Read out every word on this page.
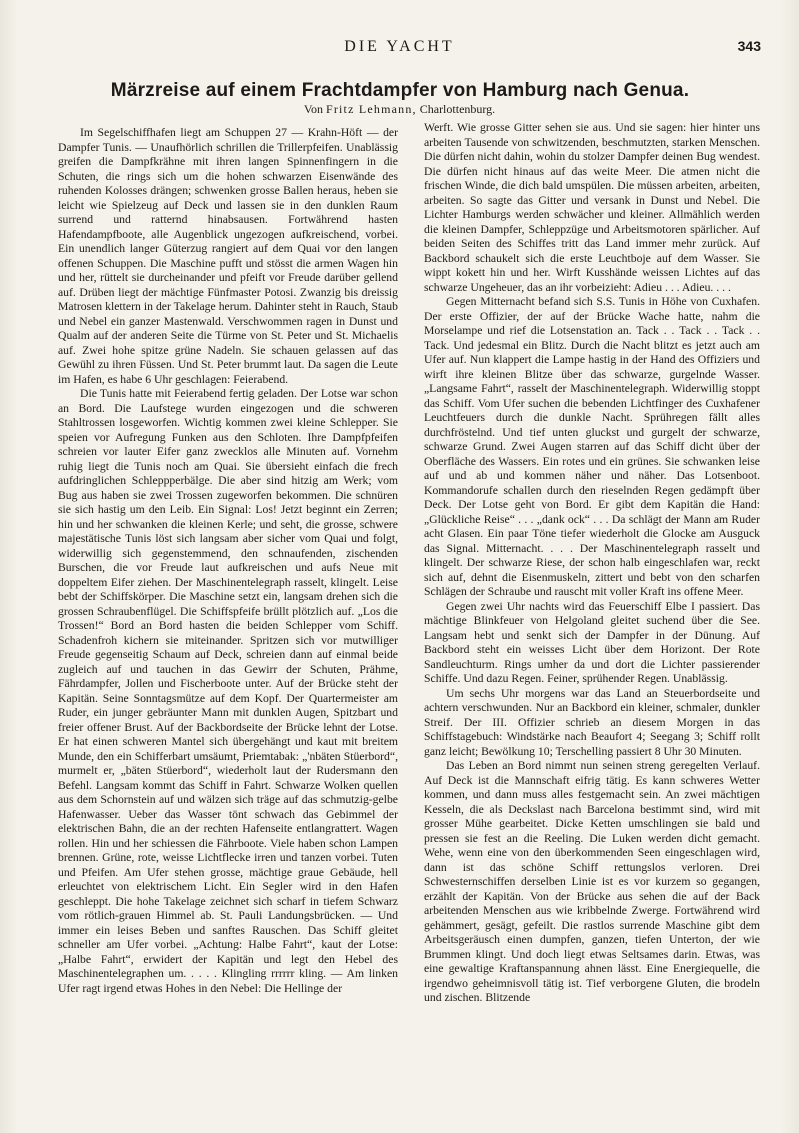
DIE YACHT	343
Märzreise auf einem Frachtdampfer von Hamburg nach Genua.
Von Fritz Lehmann, Charlottenburg.

Im Segelschiffhafen liegt am Schuppen 27 — Krahn-Höft — der Dampfer Tunis. — Unaufhörlich schrillen die Trillerpfeifen. Unablässig greifen die Dampfkrähne mit ihren langen Spinnenfingern in die Schuten, die rings sich um die hohen schwarzen Eisenwände des ruhenden Kolosses drängen; schwenken grosse Ballen heraus, heben sie leicht wie Spielzeug auf Deck und lassen sie in den dunklen Raum surrend und ratternd hinabsausen. Fortwährend hasten Hafendampfboote, alle Augenblick ungezogen aufkreischend, vorbei. Ein unendlich langer Güterzug rangiert auf dem Quai vor den langen offenen Schuppen. Die Maschine pufft und stösst die armen Wagen hin und her, rüttelt sie durcheinander und pfeift vor Freude darüber gellend auf. Drüben liegt der mächtige Fünfmaster Potosi. Zwanzig bis dreissig Matrosen klettern in der Takelage herum. Dahinter steht in Rauch, Staub und Nebel ein ganzer Mastenwald. Verschwommen ragen in Dunst und Qualm auf der anderen Seite die Türme von St. Peter und St. Michaelis auf. Zwei hohe spitze grüne Nadeln. Sie schauen gelassen auf das Gewühl zu ihren Füssen. Und St. Peter brummt laut. Da sagen die Leute im Hafen, es habe 6 Uhr geschlagen: Feierabend.

Die Tunis hatte mit Feierabend fertig geladen. Der Lotse war schon an Bord. Die Laufstege wurden eingezogen und die schweren Stahltrossen losgeworfen. Wichtig kommen zwei kleine Schlepper. Sie speien vor Aufregung Funken aus den Schloten. Ihre Dampfpfeifen schreien vor lauter Eifer ganz zwecklos alle Minuten auf. Vornehm ruhig liegt die Tunis noch am Quai. Sie übersieht einfach die frech aufdringlichen Schleppperbälge. Die aber sind hitzig am Werk; vom Bug aus haben sie zwei Trossen zugeworfen bekommen. Die schnüren sie sich hastig um den Leib. Ein Signal: Los! Jetzt beginnt ein Zerren; hin und her schwanken die kleinen Kerle; und seht, die grosse, schwere majestätische Tunis löst sich langsam aber sicher vom Quai und folgt, widerwillig sich gegenstemmend, den schnaufenden, zischenden Burschen, die vor Freude laut aufkreischen und aufs Neue mit doppeltem Eifer ziehen. Der Maschinentelegraph rasselt, klingelt. Leise bebt der Schiffskörper. Die Maschine setzt ein, langsam drehen sich die grossen Schraubenflügel. Die Schiffspfeife brüllt plötzlich auf. „Los die Trossen!“ Bord an Bord hasten die beiden Schlepper vom Schiff. Schadenfroh kichern sie miteinander. Spritzen sich vor mutwilliger Freude gegenseitig Schaum auf Deck, schreien dann auf einmal beide zugleich auf und tauchen in das Gewirr der Schuten, Prähme, Fährdampfer, Jollen und Fischerboote unter. Auf der Brücke steht der Kapitän. Seine Sonntagsmütze auf dem Kopf. Der Quartermeister am Ruder, ein junger gebräunter Mann mit dunklen Augen, Spitzbart und freier offener Brust. Auf der Backbordseite der Brücke lehnt der Lotse. Er hat einen schweren Mantel sich übergehängt und kaut mit breitem Munde, den ein Schifferbart umsäumt, Priemtabak: „'nbäten Stüerbord“, murmelt er, „bäten Stüerbord“, wiederholt laut der Rudersmann den Befehl. Langsam kommt das Schiff in Fahrt. Schwarze Wolken quellen aus dem Schornstein auf und wälzen sich träge auf das schmutzig-gelbe Hafenwasser. Ueber das Wasser tönt schwach das Gebimmel der elektrischen Bahn, die an der rechten Hafenseite entlangrattert. Wagen rollen. Hin und her schiessen die Fährboote. Viele haben schon Lampen brennen. Grüne, rote, weisse Lichtflecke irren und tanzen vorbei. Tuten und Pfeifen. Am Ufer stehen grosse, mächtige graue Gebäude, hell erleuchtet von elektrischem Licht. Ein Segler wird in den Hafen geschleppt. Die hohe Takelage zeichnet sich scharf in tiefem Schwarz vom rötlich-grauen Himmel ab. St. Pauli Landungsbrücken. — Und immer ein leises Beben und sanftes Rauschen. Das Schiff gleitet schneller am Ufer vorbei. „Achtung: Halbe Fahrt“, kaut der Lotse: „Halbe Fahrt“, erwidert der Kapitän und legt den Hebel des Maschinentelegraphen um. . . . . Klingling rrrrrr kling. — Am linken Ufer ragt irgend etwas Hohes in den Nebel: Die Hellinge der

Werft. Wie grosse Gitter sehen sie aus. Und sie sagen: hier hinter uns arbeiten Tausende von schwitzenden, beschmutzten, starken Menschen. Die dürfen nicht dahin, wohin du stolzer Dampfer deinen Bug wendest. Die dürfen nicht hinaus auf das weite Meer. Die atmen nicht die frischen Winde, die dich bald umspülen. Die müssen arbeiten, arbeiten, arbeiten. So sagte das Gitter und versank in Dunst und Nebel. Die Lichter Hamburgs werden schwächer und kleiner. Allmählich werden die kleinen Dampfer, Schleppzüge und Arbeitsmotoren spärlicher. Auf beiden Seiten des Schiffes tritt das Land immer mehr zurück. Auf Backbord schaukelt sich die erste Leuchtboje auf dem Wasser. Sie wippt kokett hin und her. Wirft Kusshände weissen Lichtes auf das schwarze Ungeheuer, das an ihr vorbeizieht: Adieu . . . Adieu. . . .

Gegen Mitternacht befand sich S.S. Tunis in Höhe von Cuxhafen. Der erste Offizier, der auf der Brücke Wache hatte, nahm die Morselampe und rief die Lotsenstation an. Tack . . Tack . . Tack . . Tack. Und jedesmal ein Blitz. Durch die Nacht blitzt es jetzt auch am Ufer auf. Nun klappert die Lampe hastig in der Hand des Offiziers und wirft ihre kleinen Blitze über das schwarze, gurgelnde Wasser. „Langsame Fahrt“, rasselt der Maschinentelegraph. Widerwillig stoppt das Schiff. Vom Ufer suchen die bebenden Lichtfinger des Cuxhafener Leuchtfeuers durch die dunkle Nacht. Sprühregen fällt alles durchfröstelnd. Und tief unten gluckst und gurgelt der schwarze, schwarze Grund. Zwei Augen starren auf das Schiff dicht über der Oberfläche des Wassers. Ein rotes und ein grünes. Sie schwanken leise auf und ab und kommen näher und näher. Das Lotsenboot. Kommandorufe schallen durch den rieselnden Regen gedämpft über Deck. Der Lotse geht von Bord. Er gibt dem Kapitän die Hand: „Glückliche Reise“ . . . „dank ock“ . . . Da schlägt der Mann am Ruder acht Glasen. Ein paar Töne tiefer wiederholt die Glocke am Ausguck das Signal. Mitternacht. . . . Der Maschinentelegraph rasselt und klingelt. Der schwarze Riese, der schon halb eingeschlafen war, reckt sich auf, dehnt die Eisenmuskeln, zittert und bebt von den scharfen Schlägen der Schraube und rauscht mit voller Kraft ins offene Meer.

Gegen zwei Uhr nachts wird das Feuerschiff Elbe I passiert. Das mächtige Blinkfeuer von Helgoland gleitet suchend über die See. Langsam hebt und senkt sich der Dampfer in der Dünung. Auf Backbord steht ein weisses Licht über dem Horizont. Der Rote Sandleuchturm. Rings umher da und dort die Lichter passierender Schiffe. Und dazu Regen. Feiner, sprühender Regen. Unablässig.

Um sechs Uhr morgens war das Land an Steuerbordseite und achtern verschwunden. Nur an Backbord ein kleiner, schmaler, dunkler Streif. Der III. Offizier schrieb an diesem Morgen in das Schiffstagebuch: Windstärke nach Beaufort 4; Seegang 3; Schiff rollt ganz leicht; Bewölkung 10; Terschelling passiert 8 Uhr 30 Minuten.

Das Leben an Bord nimmt nun seinen streng geregelten Verlauf. Auf Deck ist die Mannschaft eifrig tätig. Es kann schweres Wetter kommen, und dann muss alles festgemacht sein. An zwei mächtigen Kesseln, die als Deckslast nach Barcelona bestimmt sind, wird mit grosser Mühe gearbeitet. Dicke Ketten umschlingen sie bald und pressen sie fest an die Reeling. Die Luken werden dicht gemacht. Wehe, wenn eine von den überkommenden Seen eingeschlagen wird, dann ist das schöne Schiff rettungslos verloren. Drei Schwesternschiffen derselben Linie ist es vor kurzem so gegangen, erzählt der Kapitän. Von der Brücke aus sehen die auf der Back arbeitenden Menschen aus wie kribbelnde Zwerge. Fortwährend wird gehämmert, gesägt, gefeilt. Die rastlos surrende Maschine gibt dem Arbeitsgeräusch einen dumpfen, ganzen, tiefen Unterton, der wie Brummen klingt. Und doch liegt etwas Seltsames darin. Etwas, was eine gewaltige Kraftanspannung ahnen lässt. Eine Energiequelle, die irgendwo geheimnisvoll tätig ist. Tief verborgene Gluten, die brodeln und zischen. Blitzende
